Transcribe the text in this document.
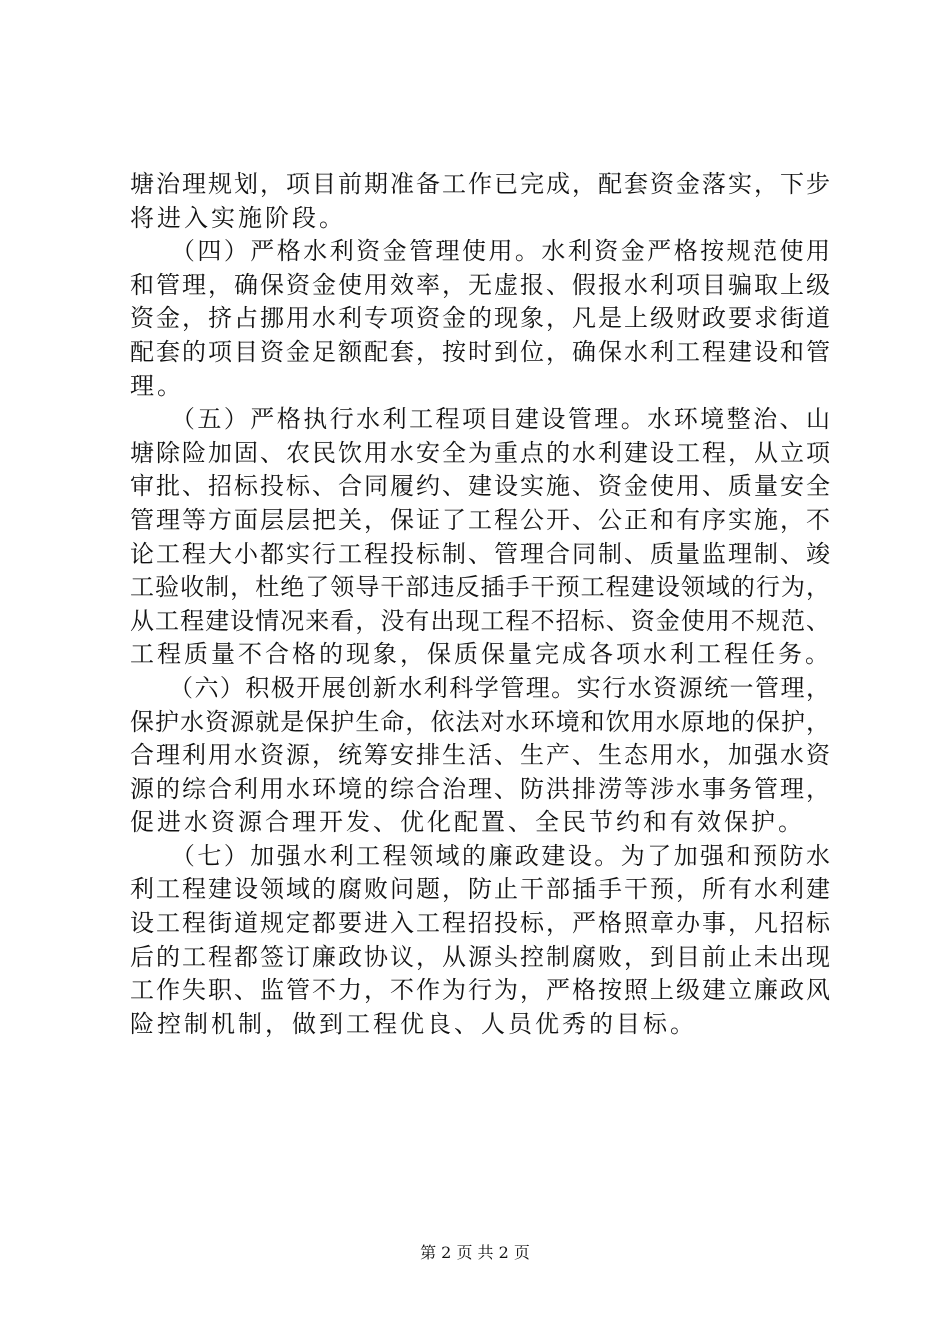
塘治理规划，项目前期准备工作已完成，配套资金落实，下步
将进入实施阶段。
　　（四）严格水利资金管理使用。水利资金严格按规范使用
和管理，确保资金使用效率，无虚报、假报水利项目骗取上级
资金，挤占挪用水利专项资金的现象，凡是上级财政要求街道
配套的项目资金足额配套，按时到位，确保水利工程建设和管
理。
　　（五）严格执行水利工程项目建设管理。水环境整治、山
塘除险加固、农民饮用水安全为重点的水利建设工程，从立项
审批、招标投标、合同履约、建设实施、资金使用、质量安全
管理等方面层层把关，保证了工程公开、公正和有序实施，不
论工程大小都实行工程投标制、管理合同制、质量监理制、竣
工验收制，杜绝了领导干部违反插手干预工程建设领域的行为，
从工程建设情况来看，没有出现工程不招标、资金使用不规范、
工程质量不合格的现象，保质保量完成各项水利工程任务。
　　（六）积极开展创新水利科学管理。实行水资源统一管理，
保护水资源就是保护生命，依法对水环境和饮用水原地的保护，
合理利用水资源，统筹安排生活、生产、生态用水，加强水资
源的综合利用水环境的综合治理、防洪排涝等涉水事务管理，
促进水资源合理开发、优化配置、全民节约和有效保护。
　　（七）加强水利工程领域的廉政建设。为了加强和预防水
利工程建设领域的腐败问题，防止干部插手干预，所有水利建
设工程街道规定都要进入工程招投标，严格照章办事，凡招标
后的工程都签订廉政协议，从源头控制腐败，到目前止未出现
工作失职、监管不力，不作为行为，严格按照上级建立廉政风
险控制机制，做到工程优良、人员优秀的目标。
第 2 页 共 2 页
